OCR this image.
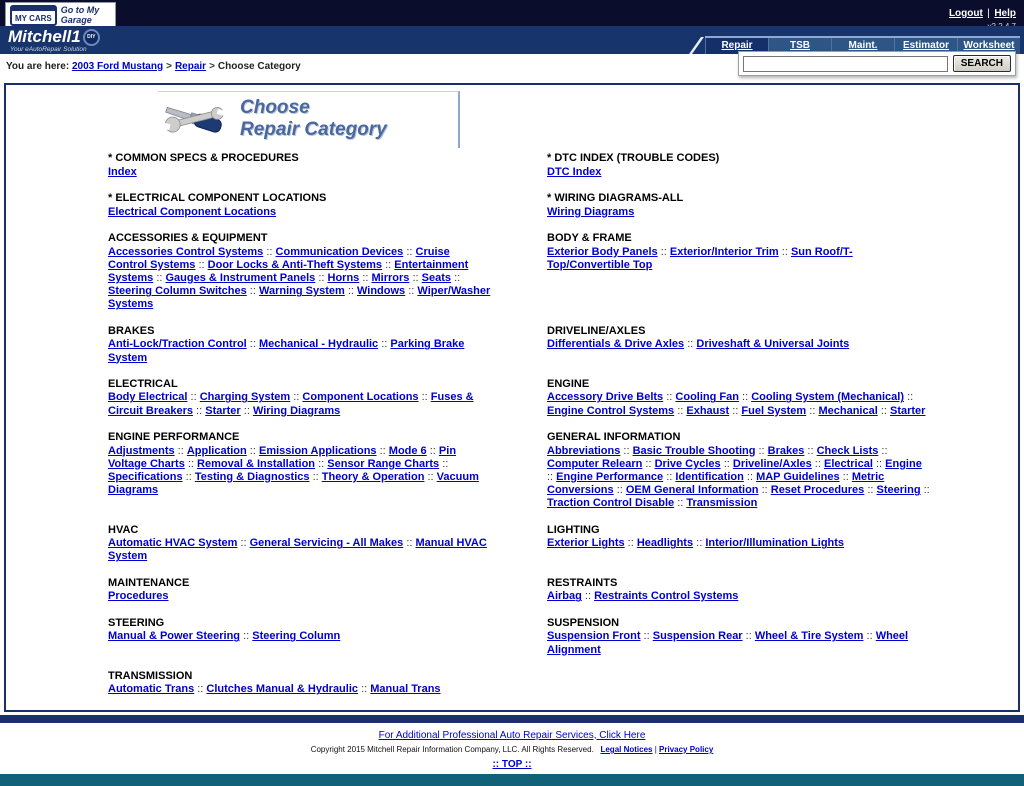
MY CARS
Go to My Garage
Logout | Help
Mitchell1 DIY
Your eAutoRepair Solution	Repair	TSB	Maint.	Estimator	Worksheet
You are here: 2003 Ford Mustang > Repair > Choose Category	SEARCH
Choose
Repair Category
* COMMON SPECS & PROCEDURES
Index

* DTC INDEX (TROUBLE CODES)
DTC Index

* ELECTRICAL COMPONENT LOCATIONS
Electrical Component Locations

* WIRING DIAGRAMS-ALL
Wiring Diagrams

ACCESSORIES & EQUIPMENT
Accessories Control Systems :: Communication Devices :: Cruise Control Systems :: Door Locks & Anti-Theft Systems :: Entertainment Systems :: Gauges & Instrument Panels :: Horns :: Mirrors :: Seats :: Steering Column Switches :: Warning System :: Windows :: Wiper/Washer Systems

BODY & FRAME
Exterior Body Panels :: Exterior/Interior Trim :: Sun Roof/T-Top/Convertible Top

BRAKES
Anti-Lock/Traction Control :: Mechanical - Hydraulic :: Parking Brake System

DRIVELINE/AXLES
Differentials & Drive Axles :: Driveshaft & Universal Joints

ELECTRICAL
Body Electrical :: Charging System :: Component Locations :: Fuses & Circuit Breakers :: Starter :: Wiring Diagrams

ENGINE
Accessory Drive Belts :: Cooling Fan :: Cooling System (Mechanical) :: Engine Control Systems :: Exhaust :: Fuel System :: Mechanical :: Starter

ENGINE PERFORMANCE
Adjustments :: Application :: Emission Applications :: Mode 6 :: Pin Voltage Charts :: Removal & Installation :: Sensor Range Charts :: Specifications :: Testing & Diagnostics :: Theory & Operation :: Vacuum Diagrams

GENERAL INFORMATION
Abbreviations :: Basic Trouble Shooting :: Brakes :: Check Lists :: Computer Relearn :: Drive Cycles :: Driveline/Axles :: Electrical :: Engine :: Engine Performance :: Identification :: MAP Guidelines :: Metric Conversions :: OEM General Information :: Reset Procedures :: Steering :: Traction Control Disable :: Transmission

HVAC
Automatic HVAC System :: General Servicing - All Makes :: Manual HVAC System

LIGHTING
Exterior Lights :: Headlights :: Interior/Illumination Lights

MAINTENANCE
Procedures

RESTRAINTS
Airbag :: Restraints Control Systems

STEERING
Manual & Power Steering :: Steering Column

SUSPENSION
Suspension Front :: Suspension Rear :: Wheel & Tire System :: Wheel Alignment

TRANSMISSION
Automatic Trans :: Clutches Manual & Hydraulic :: Manual Trans	

For Additional Professional Auto Repair Services, Click Here
Copyright 2015 Mitchell Repair Information Company, LLC. All Rights Reserved. Legal Notices | Privacy Policy
:: TOP ::
